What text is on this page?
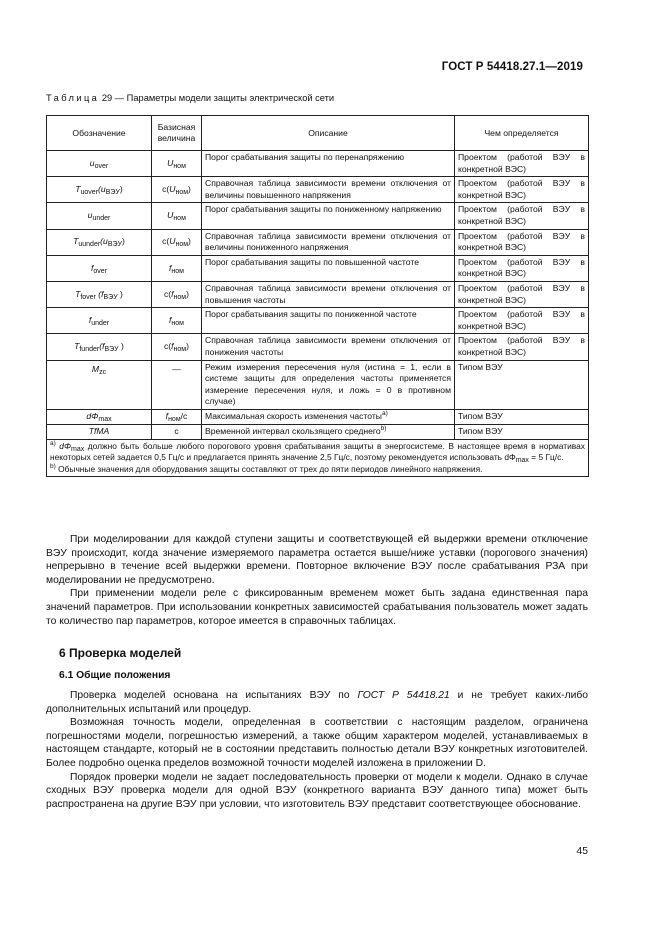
ГОСТ Р 54418.27.1—2019
Таблица 29 — Параметры модели защиты электрической сети
Обозначение	Базисная величина	Описание	Чем определяется
$u_{over}$	$U_{ном}$	Порог срабатывания защиты по перенапряжению	Проектом (работой ВЭУ в конкретной ВЭС)
$T_{uover}(u_{ВЭУ})$	$c(U_{ном})$	Справочная таблица зависимости времени отключения от величины повышенного напряжения	Проектом (работой ВЭУ в конкретной ВЭС)
$u_{under}$	$U_{ном}$	Порог срабатывания защиты по пониженному напряжению	Проектом (работой ВЭУ в конкретной ВЭС)
$T_{uunder}(u_{ВЭУ})$	$c(U_{ном})$	Справочная таблица зависимости времени отключения от величины пониженного напряжения	Проектом (работой ВЭУ в конкретной ВЭС)
$f_{over}$	$f_{ном}$	Порог срабатывания защиты по повышенной частоте	Проектом (работой ВЭУ в конкретной ВЭС)
$T_{fover}$ ($f_{ВЭУ}$ )	$c(f_{ном})$	Справочная таблица зависимости времени отключения от повышения частоты	Проектом (работой ВЭУ в конкретной ВЭС)
$f_{under}$	$f_{ном}$	Порог срабатывания защиты по пониженной частоте	Проектом (работой ВЭУ в конкретной ВЭС)
$T_{funder}(f_{ВЭУ}$ )	$c(f_{ном})$	Справочная таблица зависимости времени отключения от понижения частоты	Проектом (работой ВЭУ в конкретной ВЭС)
$M_{zc}$	—	Режим измерения пересечения нуля (истина = 1, если в системе защиты для определения частоты применяется измерение пересечения нуля, и ложь = 0 в противном случае)	Типом ВЭУ
$d\Phi_{max}$	$f_{ном}/c$	Максимальная скорость изменения частоты$^{a)}$	Типом ВЭУ
TfMA	c	Временной интервал скользящего среднего$^{b)}$	Типом ВЭУ

$^{a)}$ $d\Phi_{max}$ должно быть больше любого порогового уровня срабатывания защиты в энергосистеме. В настоящее время в нормативах некоторых сетей задается 0,5 Гц/с и предлагается принять значение 2,5 Гц/с, поэтому рекомендуется использовать $d\Phi_{max} = 5$ Гц/с.
$^{b)}$ Обычные значения для оборудования защиты составляют от трех до пяти периодов линейного напряжения.			

При моделировании для каждой ступени защиты и соответствующей ей выдержки времени отключение ВЭУ происходит, когда значение измеряемого параметра остается выше/ниже уставки (порогового значения) непрерывно в течение всей выдержки времени. Повторное включение ВЭУ после срабатывания РЗА при моделировании не предусмотрено.

При применении модели реле с фиксированным временем может быть задана единственная пара значений параметров. При использовании конкретных зависимостей срабатывания пользователь может задать то количество пар параметров, которое имеется в справочных таблицах.

6 Проверка моделей
6.1 Общие положения

Проверка моделей основана на испытаниях ВЭУ по ГОСТ Р 54418.21 и не требует каких-либо дополнительных испытаний или процедур.

Возможная точность модели, определенная в соответствии с настоящим разделом, ограничена погрешностями модели, погрешностью измерений, а также общим характером моделей, устанавливаемых в настоящем стандарте, который не в состоянии представить полностью детали ВЭУ конкретных изготовителей. Более подробно оценка пределов возможной точности моделей изложена в приложении D.

Порядок проверки модели не задает последовательность проверки от модели к модели. Однако в случае сходных ВЭУ проверка модели для одной ВЭУ (конкретного варианта ВЭУ данного типа) может быть распространена на другие ВЭУ при условии, что изготовитель ВЭУ представит соответствующее обоснование.

45
